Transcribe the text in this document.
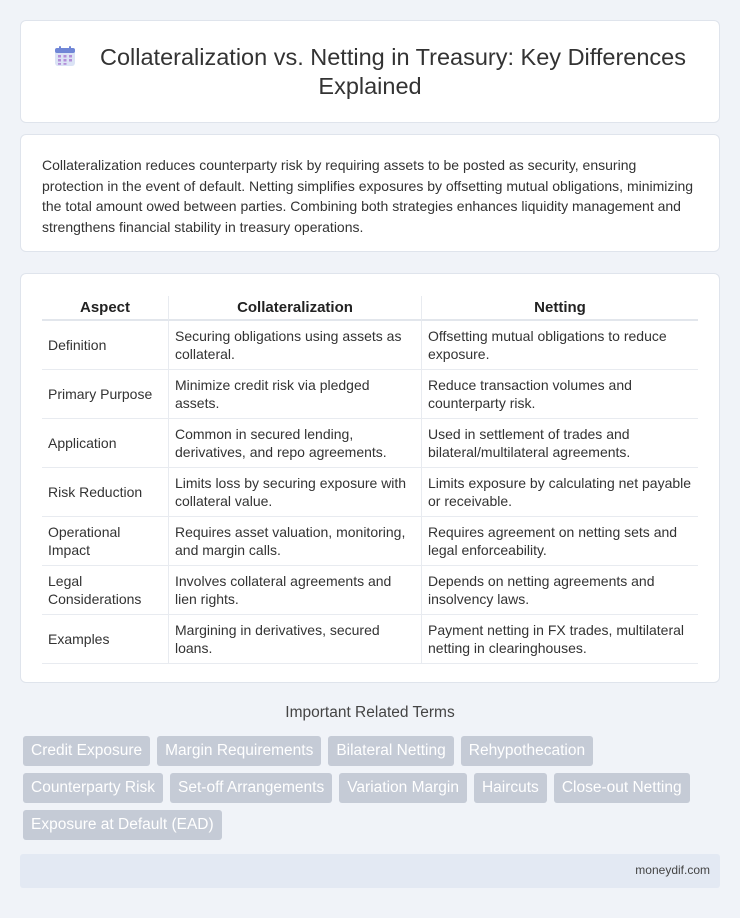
Collateralization vs. Netting in Treasury: Key Differences Explained

Collateralization reduces counterparty risk by requiring assets to be posted as security, ensuring protection in the event of default. Netting simplifies exposures by offsetting mutual obligations, minimizing the total amount owed between parties. Combining both strategies enhances liquidity management and strengthens financial stability in treasury operations.

Aspect	Collateralization	Netting
Definition	Securing obligations using assets as collateral.	Offsetting mutual obligations to reduce exposure.
Primary Purpose	Minimize credit risk via pledged assets.	Reduce transaction volumes and counterparty risk.
Application	Common in secured lending, derivatives, and repo agreements.	Used in settlement of trades and bilateral/multilateral agreements.
Risk Reduction	Limits loss by securing exposure with collateral value.	Limits exposure by calculating net payable or receivable.
Operational Impact	Requires asset valuation, monitoring, and margin calls.	Requires agreement on netting sets and legal enforceability.
Legal Considerations	Involves collateral agreements and lien rights.	Depends on netting agreements and insolvency laws.
Examples	Margining in derivatives, secured loans.	Payment netting in FX trades, multilateral netting in clearinghouses.
Important Related Terms
Credit Exposure	Margin Requirements	Bilateral Netting	Rehypothecation
Counterparty Risk	Set-off Arrangements	Variation Margin	Haircuts	Close-out Netting
Exposure at Default (EAD)
moneydif.com
